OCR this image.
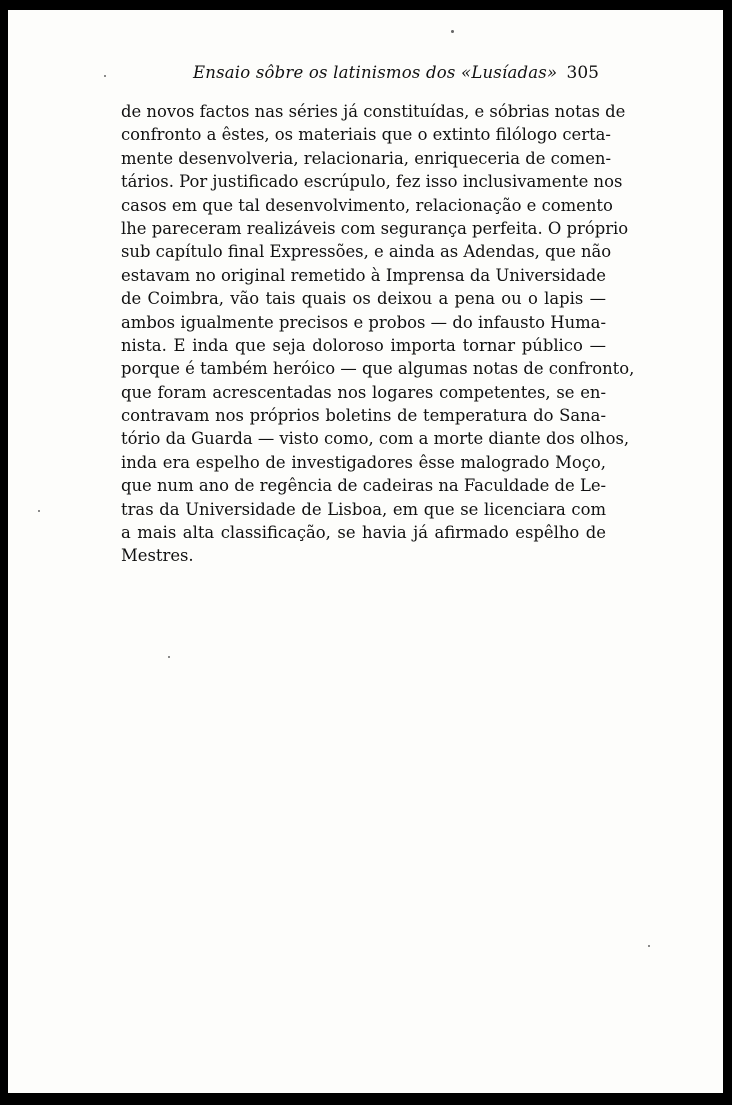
Ensaio sôbre os latinismos dos «Lusíadas» 305
de novos factos nas séries já constituídas, e sóbrias notas de
confronto a êstes, os materiais que o extinto filólogo certa-
mente desenvolveria, relacionaria, enriqueceria de comen-
tários. Por justificado escrúpulo, fez isso inclusivamente nos
casos em que tal desenvolvimento, relacionação e comento
lhe pareceram realizáveis com segurança perfeita. O próprio
sub capítulo final Expressões, e ainda as Adendas, que não
estavam no original remetido à Imprensa da Universidade
de Coimbra, vão tais quais os deixou a pena ou o lapis —
ambos igualmente precisos e probos — do infausto Huma-
nista. E inda que seja doloroso importa tornar público —
porque é também heróico — que algumas notas de confronto,
que foram acrescentadas nos logares competentes, se en-
contravam nos próprios boletins de temperatura do Sana-
tório da Guarda — visto como, com a morte diante dos olhos,
inda era espelho de investigadores êsse malogrado Moço,
que num ano de regência de cadeiras na Faculdade de Le-
tras da Universidade de Lisboa, em que se licenciara com
a mais alta classificação, se havia já afirmado espêlho de
Mestres.
